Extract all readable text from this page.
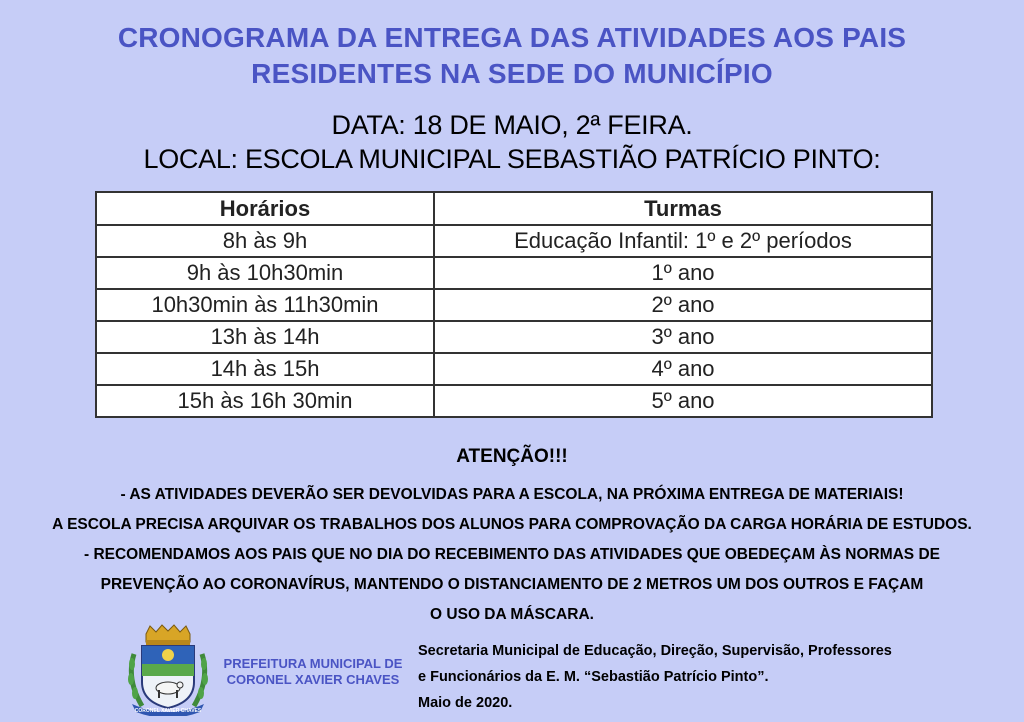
CRONOGRAMA DA ENTREGA DAS ATIVIDADES AOS PAIS
RESIDENTES NA SEDE DO MUNICÍPIO
DATA: 18 DE MAIO, 2ª FEIRA.
LOCAL: ESCOLA MUNICIPAL SEBASTIÃO PATRÍCIO PINTO:
Horários	Turmas
8h às 9h	Educação Infantil: 1º e 2º períodos
9h às 10h30min	1º ano
10h30min às 11h30min	2º ano
13h às 14h	3º ano
14h às 15h	4º ano
15h às 16h 30min	5º ano
ATENÇÃO!!!
- AS ATIVIDADES DEVERÃO SER DEVOLVIDAS PARA A ESCOLA, NA PRÓXIMA ENTREGA DE MATERIAIS!
A ESCOLA PRECISA ARQUIVAR OS TRABALHOS DOS ALUNOS PARA COMPROVAÇÃO DA CARGA HORÁRIA DE ESTUDOS.
- RECOMENDAMOS AOS PAIS QUE NO DIA DO RECEBIMENTO DAS ATIVIDADES QUE OBEDEÇAM ÀS NORMAS DE
PREVENÇÃO AO CORONAVÍRUS, MANTENDO O DISTANCIAMENTO DE 2 METROS UM DOS OUTROS E FAÇAM
O USO DA MÁSCARA.
CORONEL XAVIER CHAVES
PREFEITURA MUNICIPAL DE
CORONEL XAVIER CHAVES
Secretaria Municipal de Educação, Direção, Supervisão, Professores
e Funcionários da E. M. “Sebastião Patrício Pinto”.
Maio de 2020.
